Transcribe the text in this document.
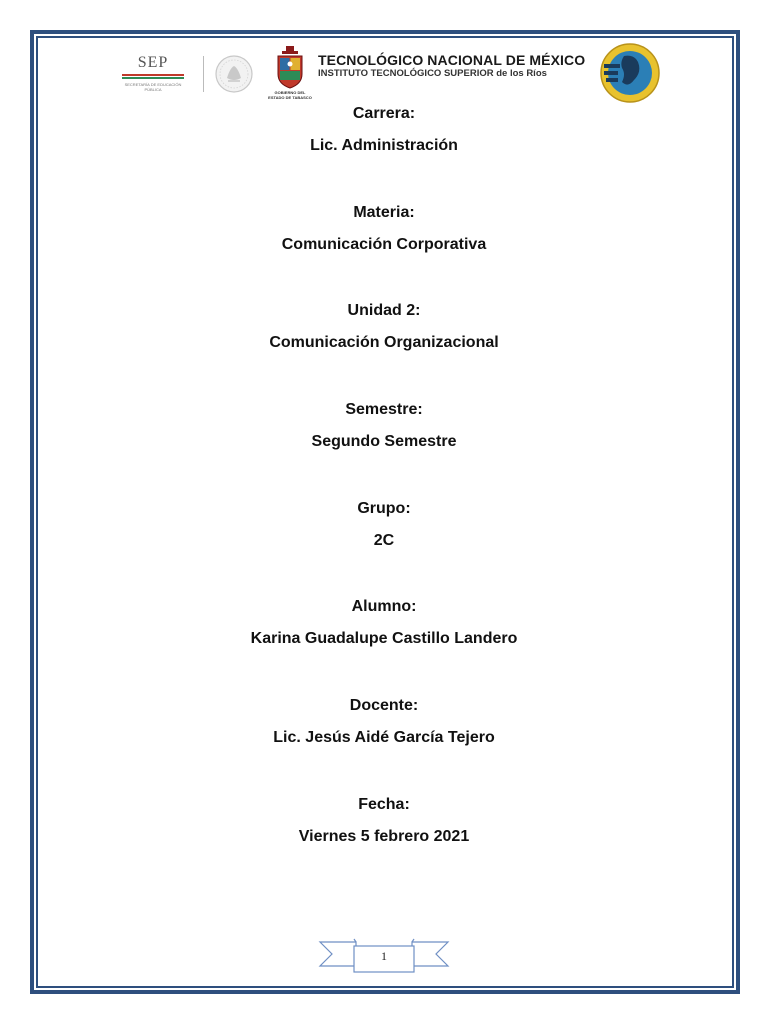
SEP
SECRETARÍA DE EDUCACIÓN PÚBLICA
GOBIERNO DEL ESTADO DE TABASCO
TECNOLÓGICO NACIONAL DE MÉXICO
INSTITUTO TECNOLÓGICO SUPERIOR de los Ríos
Carrera:
Lic. Administración
Materia:
Comunicación Corporativa
Unidad 2:
Comunicación Organizacional
Semestre:
Segundo Semestre
Grupo:
2C
Alumno:
Karina Guadalupe Castillo Landero
Docente:
Lic. Jesús Aidé García Tejero
Fecha:
Viernes 5 febrero 2021
1
